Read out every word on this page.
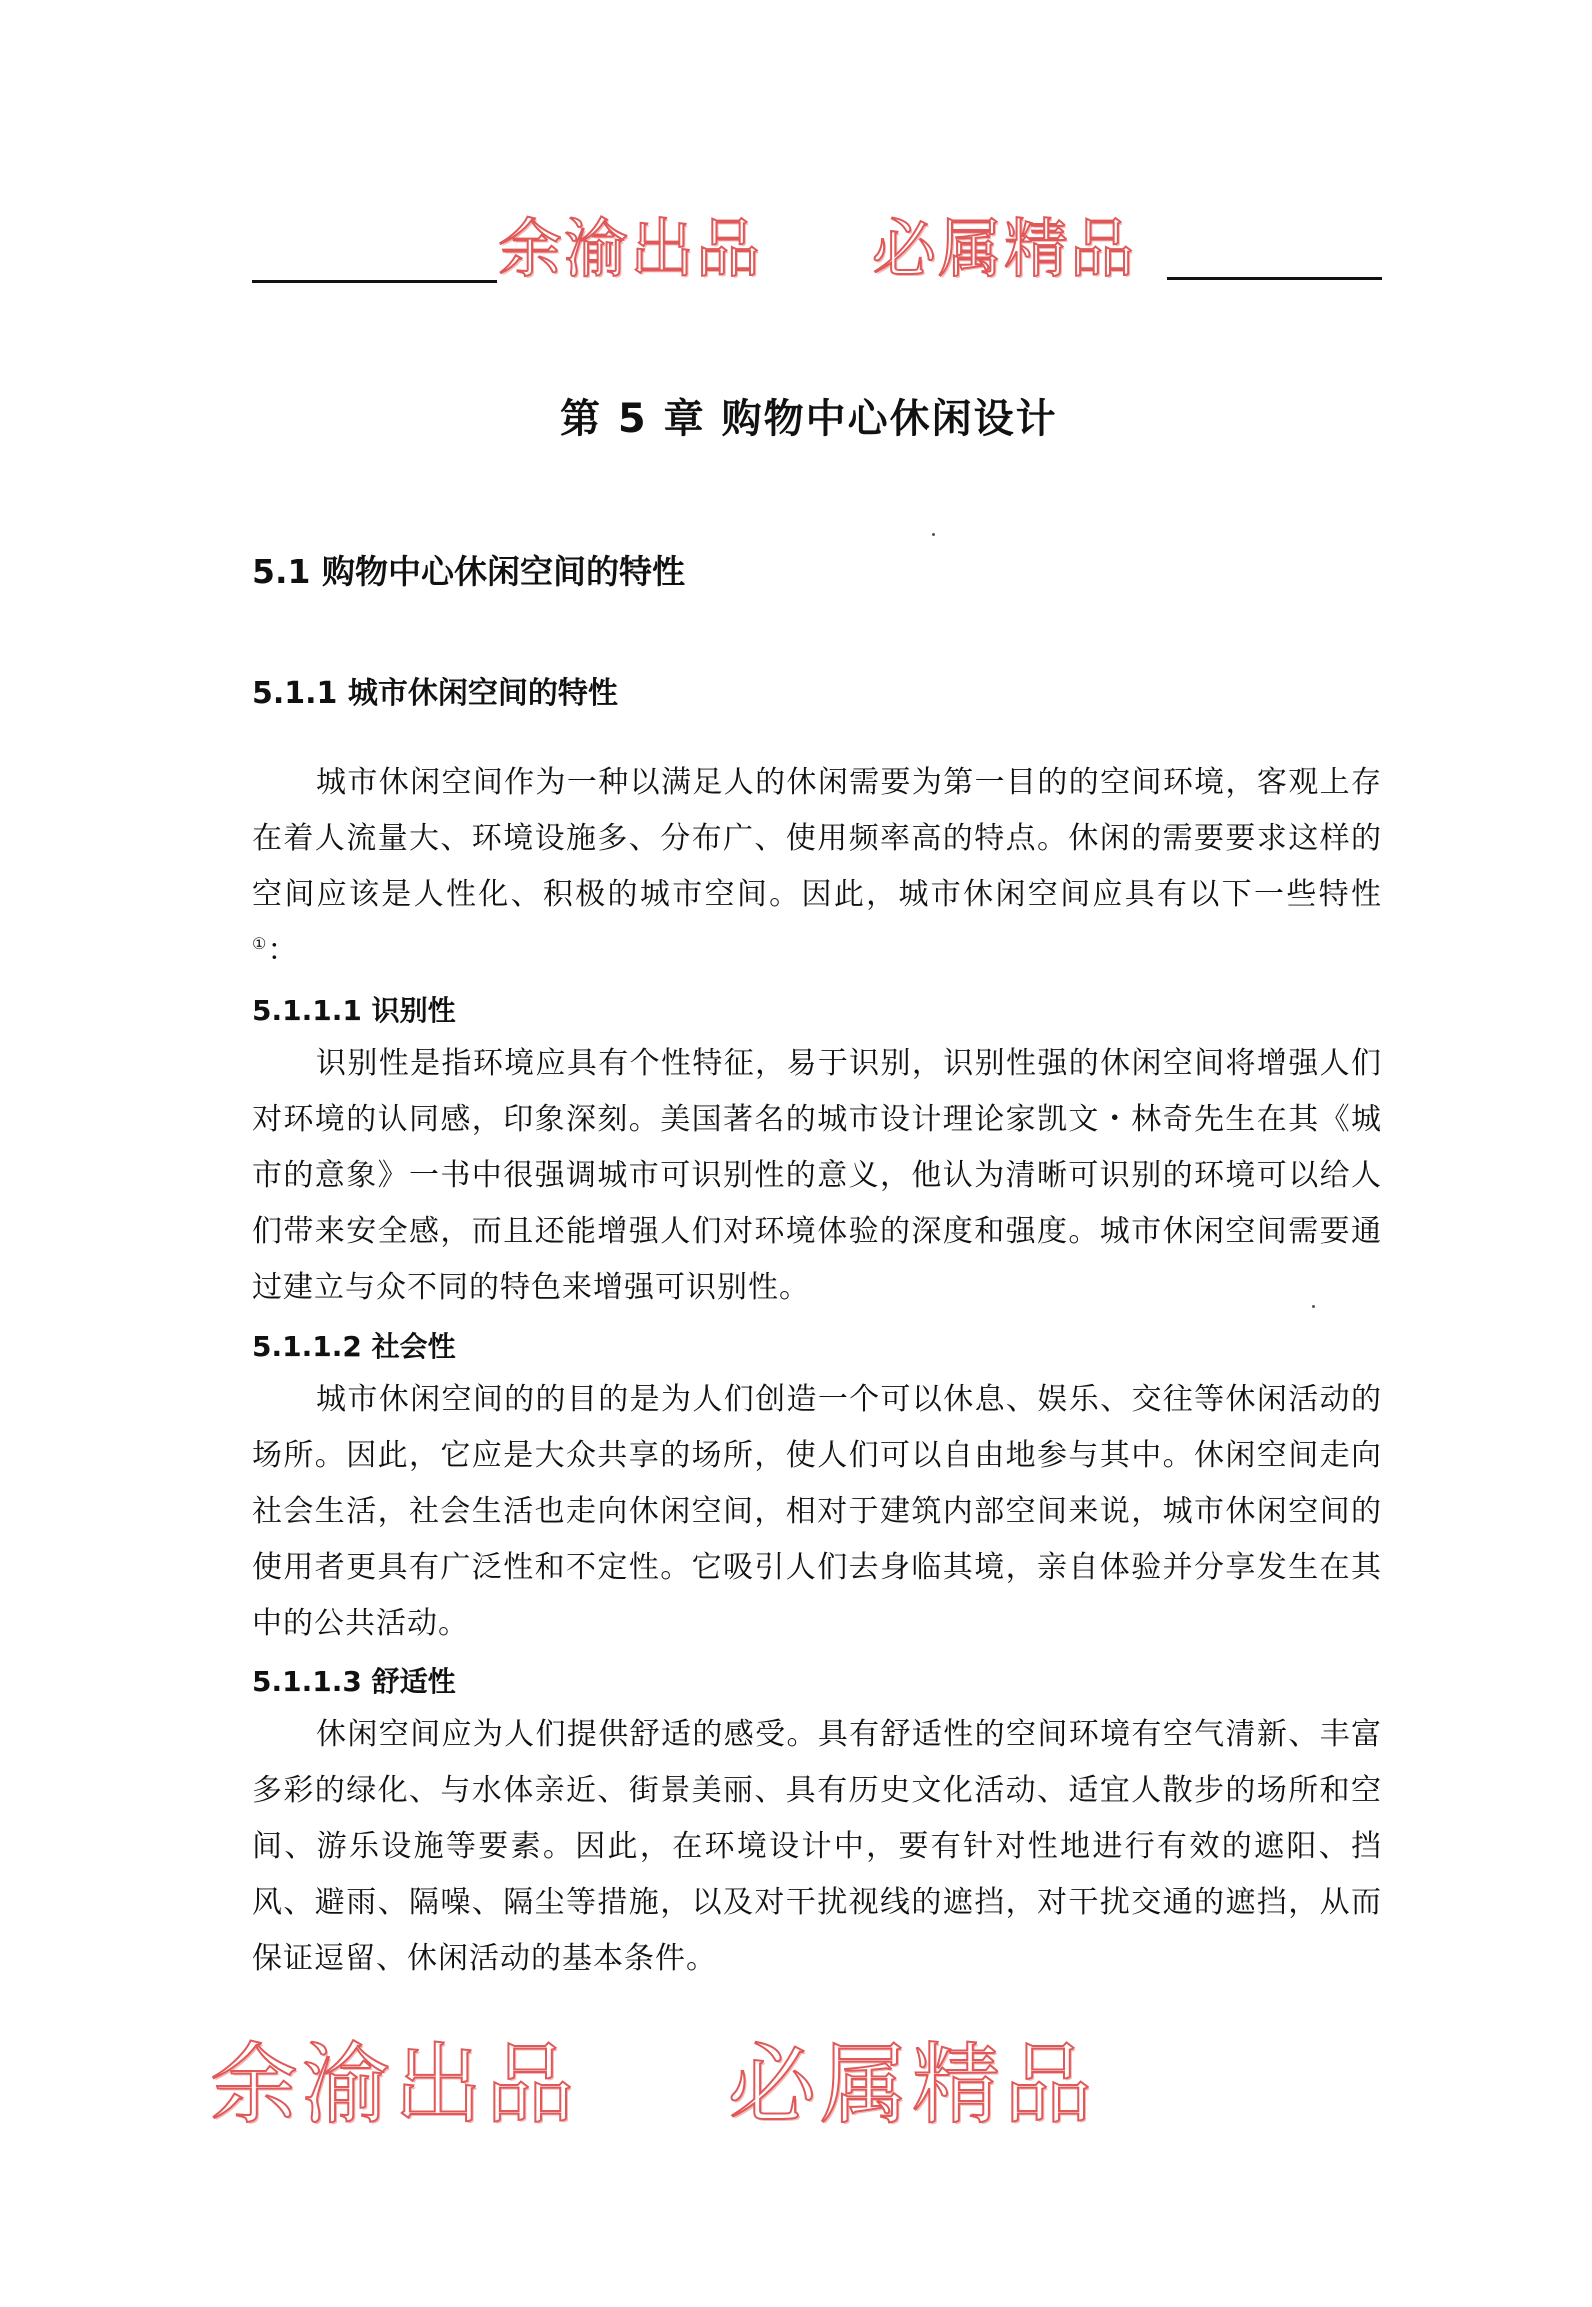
余渝出品 必属精品
第 5 章 购物中心休闲设计
5.1 购物中心休闲空间的特性
5.1.1 城市休闲空间的特性

城市休闲空间作为一种以满足人的休闲需要为第一目的的空间环境，客观上存在着人流量大、环境设施多、分布广、使用频率高的特点。休闲的需要要求这样的空间应该是人性化、积极的城市空间。因此，城市休闲空间应具有以下一些特性①：

5.1.1.1 识别性

识别性是指环境应具有个性特征，易于识别，识别性强的休闲空间将增强人们对环境的认同感，印象深刻。美国著名的城市设计理论家凯文・林奇先生在其《城市的意象》一书中很强调城市可识别性的意义，他认为清晰可识别的环境可以给人们带来安全感，而且还能增强人们对环境体验的深度和强度。城市休闲空间需要通过建立与众不同的特色来增强可识别性。

5.1.1.2 社会性

城市休闲空间的的目的是为人们创造一个可以休息、娱乐、交往等休闲活动的场所。因此，它应是大众共享的场所，使人们可以自由地参与其中。休闲空间走向社会生活，社会生活也走向休闲空间，相对于建筑内部空间来说，城市休闲空间的使用者更具有广泛性和不定性。它吸引人们去身临其境，亲自体验并分享发生在其中的公共活动。

5.1.1.3 舒适性

休闲空间应为人们提供舒适的感受。具有舒适性的空间环境有空气清新、丰富多彩的绿化、与水体亲近、街景美丽、具有历史文化活动、适宜人散步的场所和空间、游乐设施等要素。因此，在环境设计中，要有针对性地进行有效的遮阳、挡风、避雨、隔噪、隔尘等措施，以及对干扰视线的遮挡，对干扰交通的遮挡，从而保证逗留、休闲活动的基本条件。

余渝出品 必属精品
